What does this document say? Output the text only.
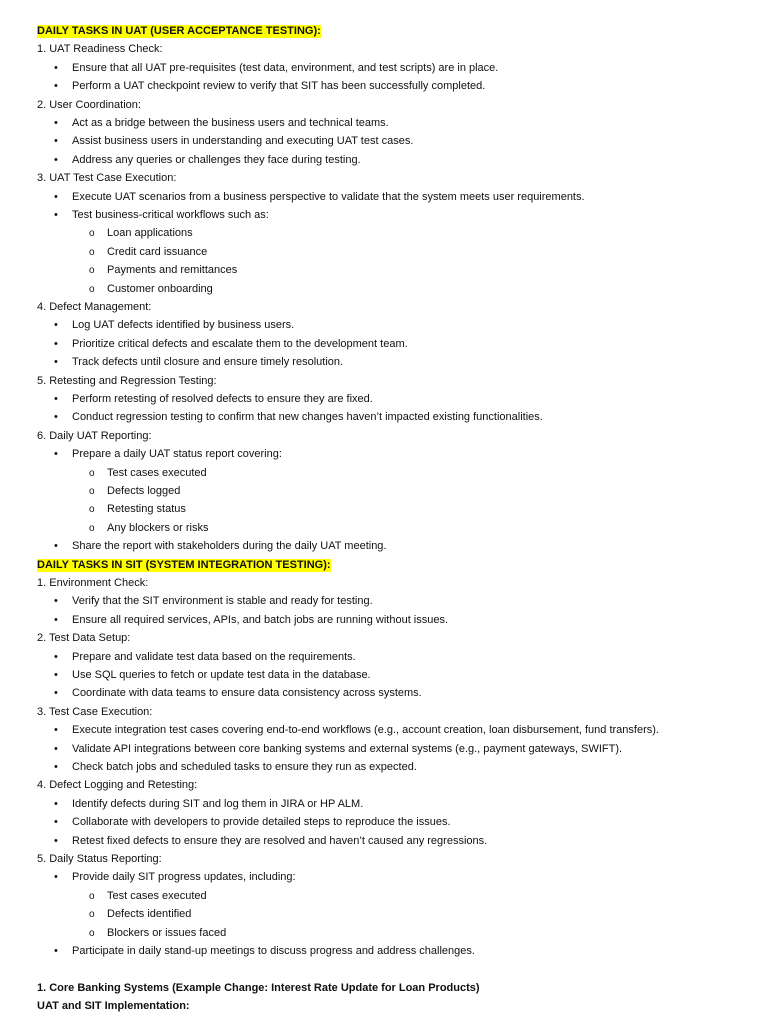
DAILY TASKS IN UAT (USER ACCEPTANCE TESTING):
1. UAT Readiness Check:
• Ensure that all UAT pre-requisites (test data, environment, and test scripts) are in place.
• Perform a UAT checkpoint review to verify that SIT has been successfully completed.
2. User Coordination:
• Act as a bridge between the business users and technical teams.
• Assist business users in understanding and executing UAT test cases.
• Address any queries or challenges they face during testing.
3. UAT Test Case Execution:
• Execute UAT scenarios from a business perspective to validate that the system meets user requirements.
• Test business-critical workflows such as:
o Loan applications
o Credit card issuance
o Payments and remittances
o Customer onboarding
4. Defect Management:
• Log UAT defects identified by business users.
• Prioritize critical defects and escalate them to the development team.
• Track defects until closure and ensure timely resolution.
5. Retesting and Regression Testing:
• Perform retesting of resolved defects to ensure they are fixed.
• Conduct regression testing to confirm that new changes haven’t impacted existing functionalities.
6. Daily UAT Reporting:
• Prepare a daily UAT status report covering:
o Test cases executed
o Defects logged
o Retesting status
o Any blockers or risks
• Share the report with stakeholders during the daily UAT meeting.
DAILY TASKS IN SIT (SYSTEM INTEGRATION TESTING):
1. Environment Check:
• Verify that the SIT environment is stable and ready for testing.
• Ensure all required services, APIs, and batch jobs are running without issues.
2. Test Data Setup:
• Prepare and validate test data based on the requirements.
• Use SQL queries to fetch or update test data in the database.
• Coordinate with data teams to ensure data consistency across systems.
3. Test Case Execution:
• Execute integration test cases covering end-to-end workflows (e.g., account creation, loan disbursement, fund transfers).
• Validate API integrations between core banking systems and external systems (e.g., payment gateways, SWIFT).
• Check batch jobs and scheduled tasks to ensure they run as expected.
4. Defect Logging and Retesting:
• Identify defects during SIT and log them in JIRA or HP ALM.
• Collaborate with developers to provide detailed steps to reproduce the issues.
• Retest fixed defects to ensure they are resolved and haven’t caused any regressions.
5. Daily Status Reporting:
• Provide daily SIT progress updates, including:
o Test cases executed
o Defects identified
o Blockers or issues faced
• Participate in daily stand-up meetings to discuss progress and address challenges.
1. Core Banking Systems (Example Change: Interest Rate Update for Loan Products)
UAT and SIT Implementation:
